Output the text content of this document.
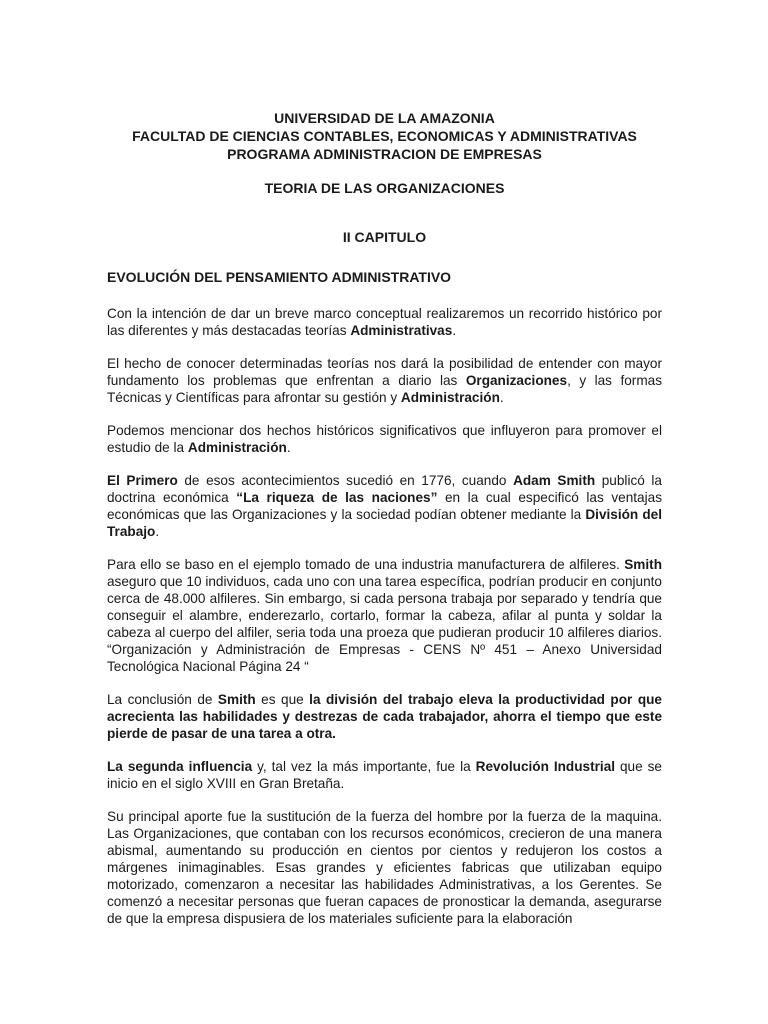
UNIVERSIDAD DE LA AMAZONIA
FACULTAD DE CIENCIAS CONTABLES, ECONOMICAS Y ADMINISTRATIVAS
PROGRAMA ADMINISTRACION DE EMPRESAS
TEORIA DE LAS ORGANIZACIONES
II CAPITULO
EVOLUCIÓN DEL PENSAMIENTO ADMINISTRATIVO

Con la intención de dar un breve marco conceptual realizaremos un recorrido histórico por las diferentes y más destacadas teorías Administrativas.

El hecho de conocer determinadas teorías nos dará la posibilidad de entender con mayor fundamento los problemas que enfrentan a diario las Organizaciones, y las formas Técnicas y Científicas para afrontar su gestión y Administración.

Podemos mencionar dos hechos históricos significativos que influyeron para promover el estudio de la Administración.

El Primero de esos acontecimientos sucedió en 1776, cuando Adam Smith publicó la doctrina económica “La riqueza de las naciones” en la cual especificó las ventajas económicas que las Organizaciones y la sociedad podían obtener mediante la División del Trabajo.

Para ello se baso en el ejemplo tomado de una industria manufacturera de alfileres. Smith aseguro que 10 individuos, cada uno con una tarea específica, podrían producir en conjunto cerca de 48.000 alfileres. Sin embargo, si cada persona trabaja por separado y tendría que conseguir el alambre, enderezarlo, cortarlo, formar la cabeza, afilar al punta y soldar la cabeza al cuerpo del alfiler, seria toda una proeza que pudieran producir 10 alfileres diarios. “Organización y Administración de Empresas - CENS Nº 451 – Anexo Universidad Tecnológica Nacional Página 24 “

La conclusión de Smith es que la división del trabajo eleva la productividad por que acrecienta las habilidades y destrezas de cada trabajador, ahorra el tiempo que este pierde de pasar de una tarea a otra.

La segunda influencia y, tal vez la más importante, fue la Revolución Industrial que se inicio en el siglo XVIII en Gran Bretaña.

Su principal aporte fue la sustitución de la fuerza del hombre por la fuerza de la maquina. Las Organizaciones, que contaban con los recursos económicos, crecieron de una manera abismal, aumentando su producción en cientos por cientos y redujeron los costos a márgenes inimaginables. Esas grandes y eficientes fabricas que utilizaban equipo motorizado, comenzaron a necesitar las habilidades Administrativas, a los Gerentes. Se comenzó a necesitar personas que fueran capaces de pronosticar la demanda, asegurarse de que la empresa dispusiera de los materiales suficiente para la elaboración
